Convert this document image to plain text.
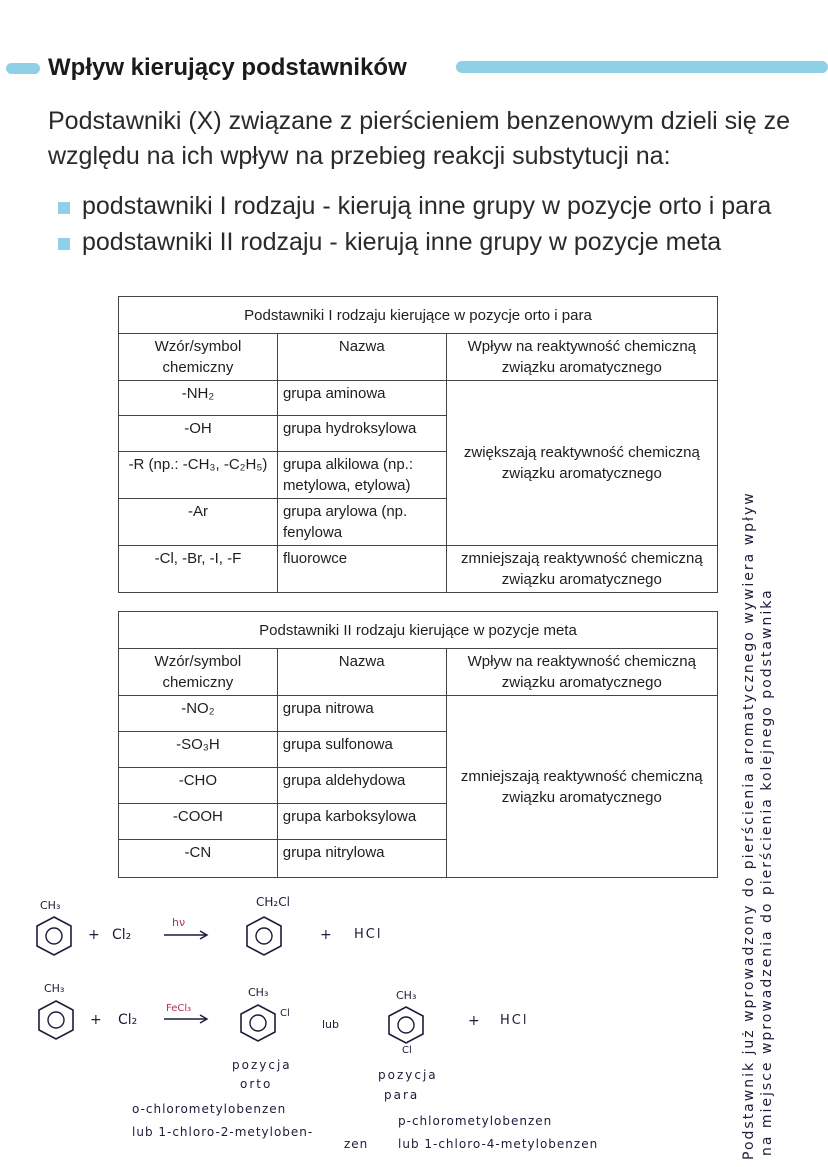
Wpływ kierujący podstawników
Podstawniki (X) związane z pierścieniem benzenowym dzieli się ze względu na ich wpływ na przebieg reakcji substytucji na:
podstawniki I rodzaju - kierują inne grupy w pozycje orto i para
podstawniki II rodzaju - kierują inne grupy w pozycje meta
Podstawniki I rodzaju kierujące w pozycje orto i para		
Wzór/symbol chemiczny	Nazwa	Wpływ na reaktywność chemiczną związku aromatycznego
-NH₂	grupa aminowa	zwiększają reaktywność chemiczną związku aromatycznego
-OH	grupa hydroksylowa	
-R (np.: -CH₃, -C₂H₅)	grupa alkilowa (np.: metylowa, etylowa)	
-Ar	grupa arylowa (np. fenylowa	
-Cl, -Br, -I, -F	fluorowce	zmniejszają reaktywność chemiczną związku aromatycznego
Podstawniki II rodzaju kierujące w pozycje meta		
Wzór/symbol chemiczny	Nazwa	Wpływ na reaktywność chemiczną związku aromatycznego
-NO₂	grupa nitrowa	zmniejszają reaktywność chemiczną związku aromatycznego
-SO₃H	grupa sulfonowa	
-CHO	grupa aldehydowa	
-COOH	grupa karboksylowa	
-CN	grupa nitrylowa	
CH₃
+ Cl₂
hν
CH₂Cl
+ HCl
CH₃
+ Cl₂
FeCl₃
CH₃
Cl
lub
CH₃
Cl
+ HCl
pozycja
orto
pozycja
para
o-chlorometylobenzen
lub 1-chloro-2-metyloben-
zen
p-chlorometylobenzen
lub 1-chloro-4-metylobenzen	Podstawnik już wprowadzony do pierścienia aromatycznego wywiera wpływ na miejsce wprowadzenia do pierścienia kolejnego podstawnika
